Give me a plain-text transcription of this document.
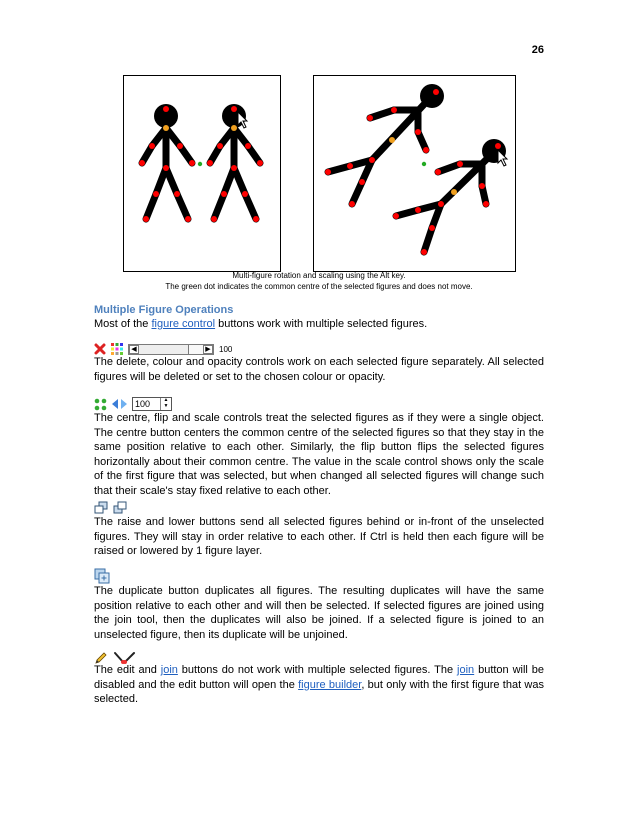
26
Multi-figure rotation and scaling using the Alt key.
The green dot indicates the common centre of the selected figures and does not move.
Multiple Figure Operations
Most of the figure control buttons work with multiple selected figures.
◀	▶ 100
The delete, colour and opacity controls work on each selected figure separately. All selected figures will be deleted or set to the chosen colour or opacity.
100	▲
▼
The centre, flip and scale controls treat the selected figures as if they were a single object. The centre button centers the common centre of the selected figures so that they stay in the same position relative to each other. Similarly, the flip button flips the selected figures horizontally about their common centre. The value in the scale control shows only the scale of the first figure that was selected, but when changed all selected figures will change such that their scale's stay fixed relative to each other.
The raise and lower buttons send all selected figures behind or in-front of the unselected figures. They will stay in order relative to each other. If Ctrl is held then each figure will be raised or lowered by 1 figure layer.
The duplicate button duplicates all figures. The resulting duplicates will have the same position relative to each other and will then be selected. If selected figures are joined using the join tool, then the duplicates will also be joined. If a selected figure is joined to an unselected figure, then its duplicate will be unjoined.
The edit and join buttons do not work with multiple selected figures. The join button will be disabled and the edit button will open the figure builder, but only with the first figure that was selected.
